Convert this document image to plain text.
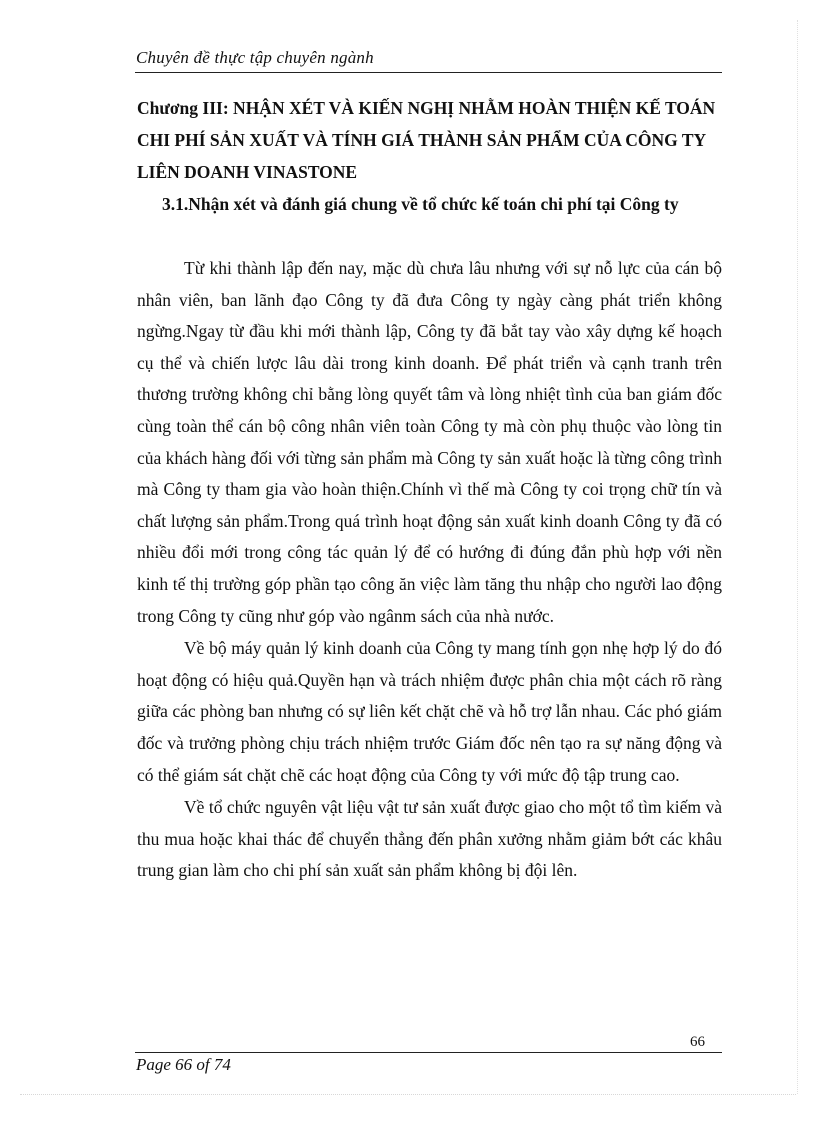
Chuyên đề thực tập chuyên ngành
Chương III: NHẬN XÉT VÀ KIẾN NGHỊ NHẰM HOÀN THIỆN KẾ TOÁN CHI PHÍ SẢN XUẤT VÀ TÍNH GIÁ THÀNH SẢN PHẨM CỦA CÔNG TY LIÊN DOANH VINASTONE
3.1.Nhận xét và đánh giá chung về tổ chức kế toán chi phí tại Công ty

Từ khi thành lập đến nay, mặc dù chưa lâu nhưng với sự nỗ lực của cán bộ nhân viên, ban lãnh đạo Công ty đã đưa Công ty ngày càng phát triển không ngừng.Ngay từ đầu khi mới thành lập, Công ty đã bắt tay vào xây dựng kế hoạch cụ thể và chiến lược lâu dài trong kinh doanh. Để phát triển và cạnh tranh trên thương trường không chỉ bằng lòng quyết tâm và lòng nhiệt tình của ban giám đốc cùng toàn thể cán bộ công nhân viên toàn Công ty mà còn phụ thuộc vào lòng tin của khách hàng đối với từng sản phẩm mà Công ty sản xuất hoặc là từng công trình mà Công ty tham gia vào hoàn thiện.Chính vì thế mà Công ty coi trọng chữ tín và chất lượng sản phẩm.Trong quá trình hoạt động sản xuất kinh doanh Công ty đã có nhiều đổi mới trong công tác quản lý để có hướng đi đúng đắn phù hợp với nền kinh tế thị trường góp phần tạo công ăn việc làm tăng thu nhập cho người lao động trong Công ty cũng như góp vào ngânm sách của nhà nước.

Về bộ máy quản lý kinh doanh của Công ty mang tính gọn nhẹ hợp lý do đó hoạt động có hiệu quả.Quyền hạn và trách nhiệm được phân chia một cách rõ ràng giữa các phòng ban nhưng có sự liên kết chặt chẽ và hỗ trợ lẫn nhau. Các phó giám đốc và trưởng phòng chịu trách nhiệm trước Giám đốc nên tạo ra sự năng động và có thể giám sát chặt chẽ các hoạt động của Công ty với mức độ tập trung cao.

Về tổ chức nguyên vật liệu vật tư sản xuất được giao cho một tổ tìm kiếm và thu mua hoặc khai thác để chuyển thẳng đến phân xưởng nhằm giảm bớt các khâu trung gian làm cho chi phí sản xuất sản phẩm không bị đội lên.

66
Page 66 of 74
